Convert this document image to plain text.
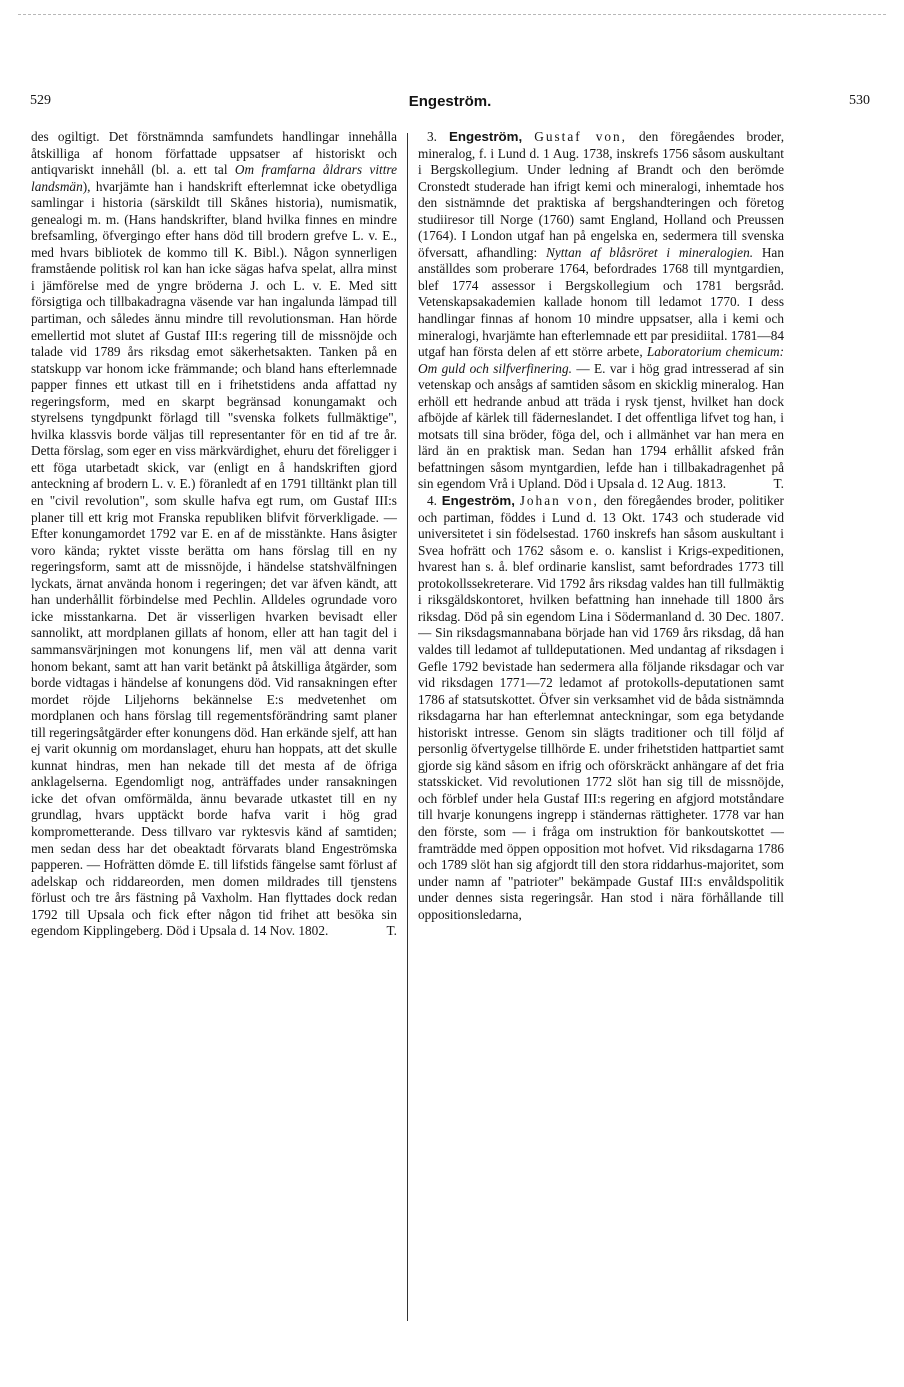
529	Engeström.	530

des ogiltigt. Det förstnämnda samfundets handlingar innehålla åtskilliga af honom författade uppsatser af historiskt och antiqvariskt innehåll (bl. a. ett tal Om framfarna åldrars vittre landsmän), hvarjämte han i handskrift efterlemnat icke obetydliga samlingar i historia (särskildt till Skånes historia), numismatik, genealogi m. m. (Hans handskrifter, bland hvilka finnes en mindre brefsamling, öfvergingo efter hans död till brodern grefve L. v. E., med hvars bibliotek de kommo till K. Bibl.). Någon synnerligen framstående politisk rol kan han icke sägas hafva spelat, allra minst i jämförelse med de yngre bröderna J. och L. v. E. Med sitt försigtiga och tillbakadragna väsende var han ingalunda lämpad till partiman, och således ännu mindre till revolutionsman. Han hörde emellertid mot slutet af Gustaf III:s regering till de missnöjde och talade vid 1789 års riksdag emot säkerhetsakten. Tanken på en statskupp var honom icke främmande; och bland hans efterlemnade papper finnes ett utkast till en i frihetstidens anda affattad ny regeringsform, med en skarpt begränsad konungamakt och styrelsens tyngdpunkt förlagd till "svenska folkets fullmäktige", hvilka klassvis borde väljas till representanter för en tid af tre år. Detta förslag, som eger en viss märkvärdighet, ehuru det föreligger i ett föga utarbetadt skick, var (enligt en å handskriften gjord anteckning af brodern L. v. E.) föranledt af en 1791 tilltänkt plan till en "civil revolution", som skulle hafva egt rum, om Gustaf III:s planer till ett krig mot Franska republiken blifvit förverkligade. — Efter konungamordet 1792 var E. en af de misstänkte. Hans åsigter voro kända; ryktet visste berätta om hans förslag till en ny regeringsform, samt att de missnöjde, i händelse statshvälfningen lyckats, ärnat använda honom i regeringen; det var äfven kändt, att han underhållit förbindelse med Pechlin. Alldeles ogrundade voro icke misstankarna. Det är visserligen hvarken bevisadt eller sannolikt, att mordplanen gillats af honom, eller att han tagit del i sammansvärjningen mot konungens lif, men väl att denna varit honom bekant, samt att han varit betänkt på åtskilliga åtgärder, som borde vidtagas i händelse af konungens död. Vid ransakningen efter mordet röjde Liljehorns bekännelse E:s medvetenhet om mordplanen och hans förslag till regementsförändring samt planer till regeringsåtgärder efter konungens död. Han erkände sjelf, att han ej varit okunnig om mordanslaget, ehuru han hoppats, att det skulle kunnat hindras, men han nekade till det mesta af de öfriga anklagelserna. Egendomligt nog, anträffades under ransakningen icke det ofvan omförmälda, ännu bevarade utkastet till en ny grundlag, hvars upptäckt borde hafva varit i hög grad komprometterande. Dess tillvaro var ryktesvis känd af samtiden; men sedan dess har det obeaktadt förvarats bland Engeströmska papperen. — Hofrätten dömde E. till lifstids fängelse samt förlust af adelskap och riddareorden, men domen mildrades till tjenstens förlust och tre års fästning på Vaxholm. Han flyttades dock redan 1792 till Upsala och fick efter någon tid frihet att besöka sin egendom Kipplingeberg. Död i Upsala d. 14 Nov. 1802.	T.

3. Engeström, Gustaf von, den föregåendes broder, mineralog, f. i Lund d. 1 Aug. 1738, inskrefs 1756 såsom auskultant i Bergskollegium. Under ledning af Brandt och den berömde Cronstedt studerade han ifrigt kemi och mineralogi, inhemtade hos den sistnämnde det praktiska af bergshandteringen och företog studiiresor till Norge (1760) samt England, Holland och Preussen (1764). I London utgaf han på engelska en, sedermera till svenska öfversatt, afhandling: Nyttan af blåsröret i mineralogien. Han anställdes som proberare 1764, befordrades 1768 till myntgardien, blef 1774 assessor i Bergskollegium och 1781 bergsråd. Vetenskapsakademien kallade honom till ledamot 1770. I dess handlingar finnas af honom 10 mindre uppsatser, alla i kemi och mineralogi, hvarjämte han efterlemnade ett par presidiital. 1781—84 utgaf han första delen af ett större arbete, Laboratorium chemicum: Om guld och silfverfinering. — E. var i hög grad intresserad af sin vetenskap och ansågs af samtiden såsom en skicklig mineralog. Han erhöll ett hedrande anbud att träda i rysk tjenst, hvilket han dock afböjde af kärlek till fäderneslandet. I det offentliga lifvet tog han, i motsats till sina bröder, föga del, och i allmänhet var han mera en lärd än en praktisk man. Sedan han 1794 erhållit afsked från befattningen såsom myntgardien, lefde han i tillbakadragenhet på sin egendom Vrå i Upland. Död i Upsala d. 12 Aug. 1813.	T.

4. Engeström, Johan von, den föregåendes broder, politiker och partiman, föddes i Lund d. 13 Okt. 1743 och studerade vid universitetet i sin födelsestad. 1760 inskrefs han såsom auskultant i Svea hofrätt och 1762 såsom e. o. kanslist i Krigs-expeditionen, hvarest han s. å. blef ordinarie kanslist, samt befordrades 1773 till protokollssekreterare. Vid 1792 års riksdag valdes han till fullmäktig i riksgäldskontoret, hvilken befattning han innehade till 1800 års riksdag. Död på sin egendom Lina i Södermanland d. 30 Dec. 1807. — Sin riksdagsmannabana började han vid 1769 års riksdag, då han valdes till ledamot af tulldeputationen. Med undantag af riksdagen i Gefle 1792 bevistade han sedermera alla följande riksdagar och var vid riksdagen 1771—72 ledamot af protokolls-deputationen samt 1786 af statsutskottet. Öfver sin verksamhet vid de båda sistnämnda riksdagarna har han efterlemnat anteckningar, som ega betydande historiskt intresse. Genom sin slägts traditioner och till följd af personlig öfvertygelse tillhörde E. under frihetstiden hattpartiet samt gjorde sig känd såsom en ifrig och oförskräckt anhängare af det fria statsskicket. Vid revolutionen 1772 slöt han sig till de missnöjde, och förblef under hela Gustaf III:s regering en afgjord motståndare till hvarje konungens ingrepp i ständernas rättigheter. 1778 var han den förste, som — i fråga om instruktion för bankoutskottet — framträdde med öppen opposition mot hofvet. Vid riksdagarna 1786 och 1789 slöt han sig afgjordt till den stora riddarhus-majoritet, som under namn af "patrioter" bekämpade Gustaf III:s envåldspolitik under dennes sista regeringsår. Han stod i nära förhållande till oppositionsledarna,
